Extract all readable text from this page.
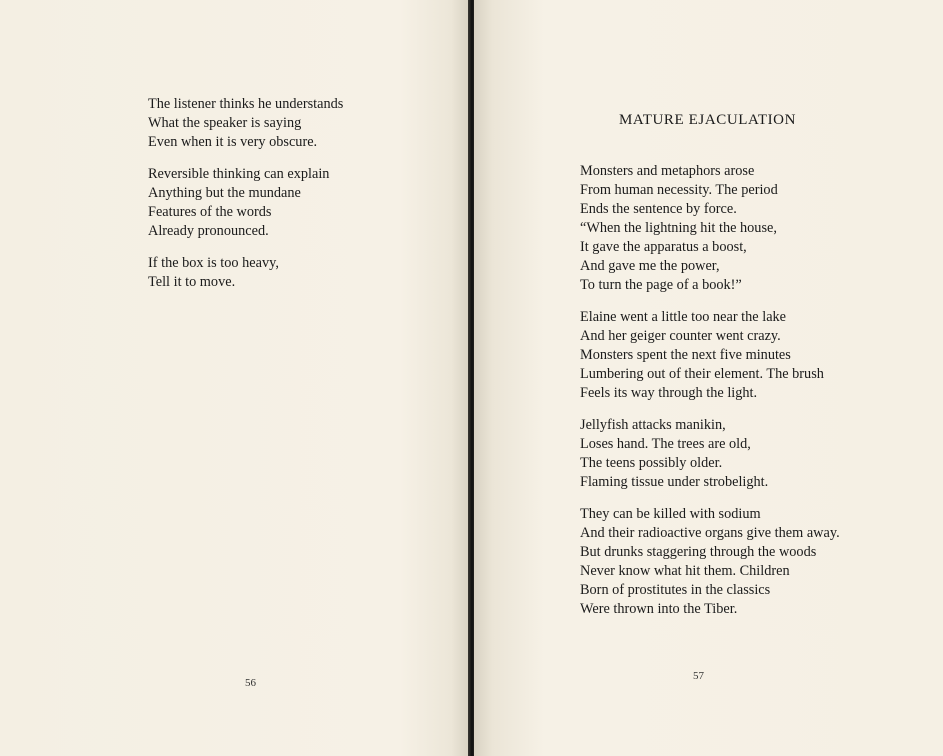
The listener thinks he understands
What the speaker is saying
Even when it is very obscure.
Reversible thinking can explain
Anything but the mundane
Features of the words
Already pronounced.
If the box is too heavy,
Tell it to move.
56
MATURE EJACULATION
Monsters and metaphors arose
From human necessity. The period
Ends the sentence by force.
“When the lightning hit the house,
It gave the apparatus a boost,
And gave me the power,
To turn the page of a book!”
Elaine went a little too near the lake
And her geiger counter went crazy.
Monsters spent the next five minutes
Lumbering out of their element. The brush
Feels its way through the light.
Jellyfish attacks manikin,
Loses hand. The trees are old,
The teens possibly older.
Flaming tissue under strobelight.
They can be killed with sodium
And their radioactive organs give them away.
But drunks staggering through the woods
Never know what hit them. Children
Born of prostitutes in the classics
Were thrown into the Tiber.
57
